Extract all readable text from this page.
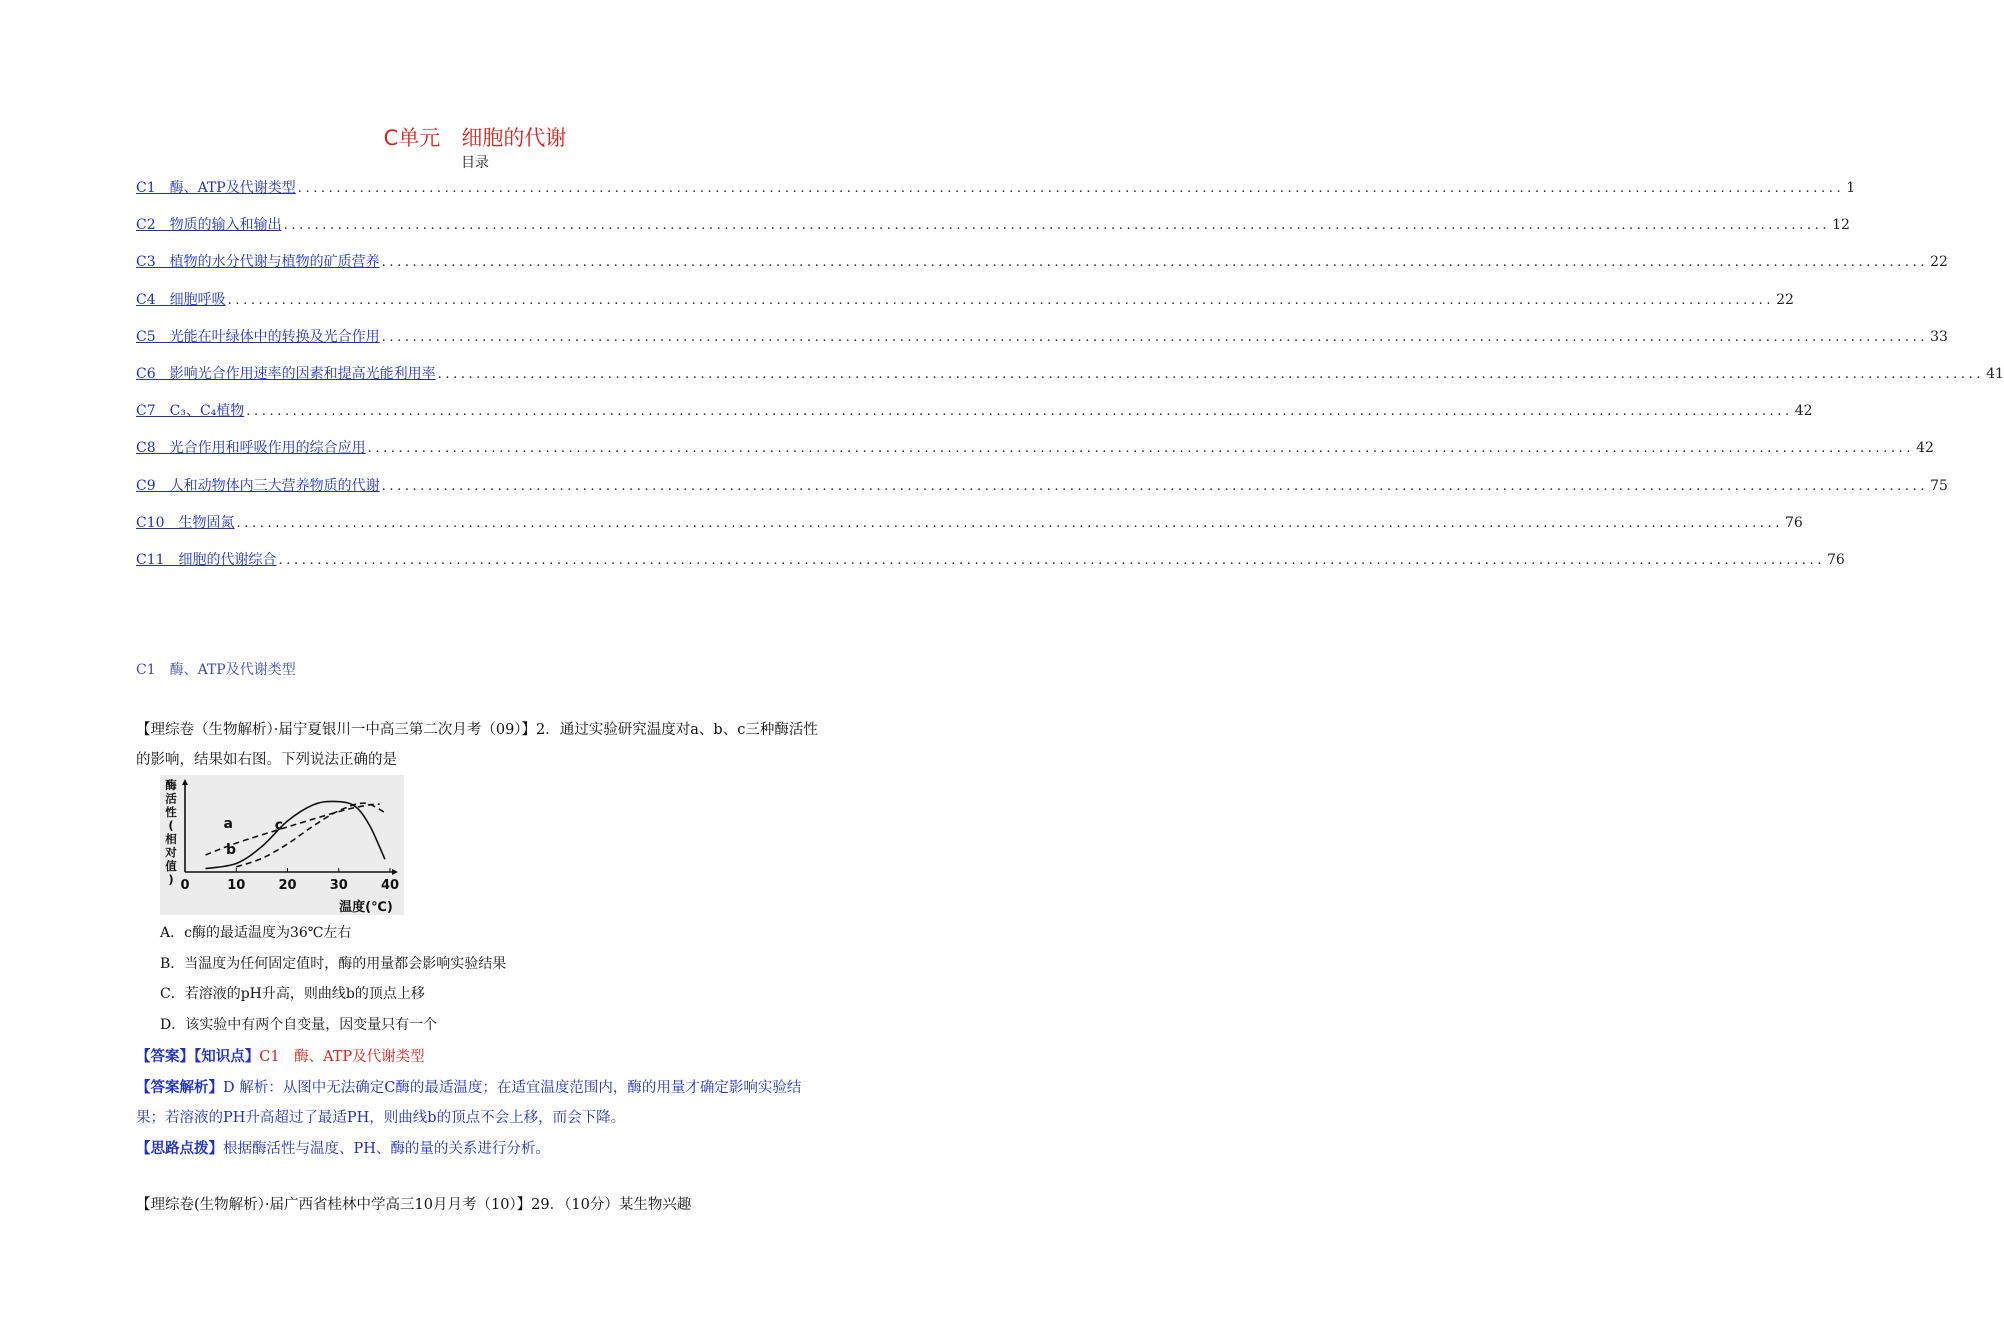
C单元　细胞的代谢
目录
C1　酶、ATP及代谢类型 ........................................................................................................................................................................................................ 1
C2　物质的输入和输出 ........................................................................................................................................................................................................ 12
C3　植物的水分代谢与植物的矿质营养 ........................................................................................................................................................................................................ 22
C4　细胞呼吸 ........................................................................................................................................................................................................ 22
C5　光能在叶绿体中的转换及光合作用 ........................................................................................................................................................................................................ 33
C6　影响光合作用速率的因素和提高光能利用率 ........................................................................................................................................................................................................ 41
C7　C₃、C₄植物 ........................................................................................................................................................................................................ 42
C8　光合作用和呼吸作用的综合应用 ........................................................................................................................................................................................................ 42
C9　人和动物体内三大营养物质的代谢 ........................................................................................................................................................................................................ 75
C10　生物固氮 ........................................................................................................................................................................................................ 76
C11　细胞的代谢综合 ........................................................................................................................................................................................................ 76
C1　酶、ATP及代谢类型
【理综卷（生物解析）·届宁夏银川一中高三第二次月考（09）】2．通过实验研究温度对a、b、c三种酶活性的影响，结果如右图。下列说法正确的是
酶
活
性
(
相
对
值
) 0	10	20	30	40
温度(℃)
a
b
c
A．c酶的最适温度为36℃左右
B．当温度为任何固定值时，酶的用量都会影响实验结果
C．若溶液的pH升高，则曲线b的顶点上移
D．该实验中有两个自变量，因变量只有一个
【答案】【知识点】C1　酶、ATP及代谢类型
【答案解析】D 解析：从图中无法确定C酶的最适温度；在适宜温度范围内，酶的用量才确定影响实验结果；若溶液的PH升高超过了最适PH，则曲线b的顶点不会上移，而会下降。
【思路点拨】根据酶活性与温度、PH、酶的量的关系进行分析。
【理综卷(生物解析）·届广西省桂林中学高三10月月考（10）】29．（10分）某生物兴趣
